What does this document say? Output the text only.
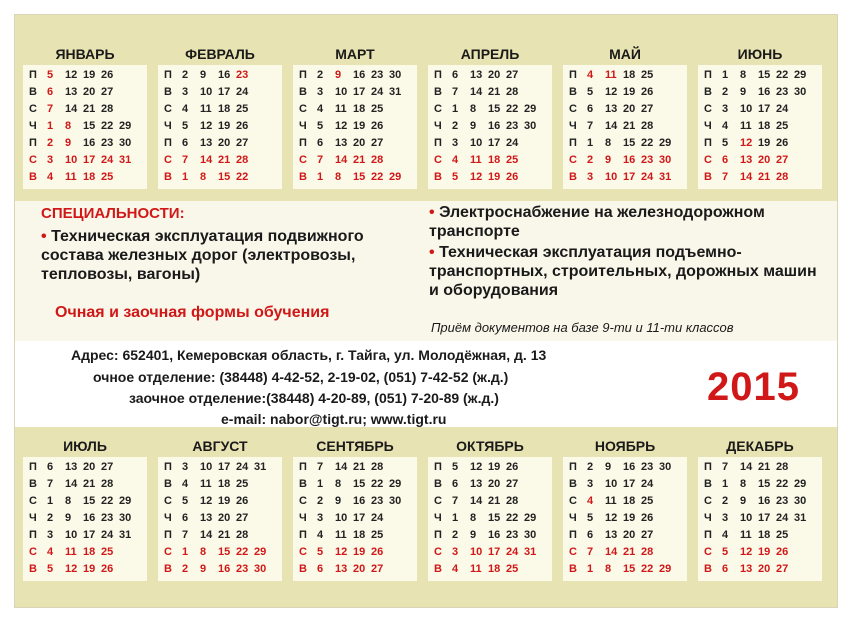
ЯНВАРЬ
П 5	12 19 26
В 6	13 20 27
С 7	14 21 28
Ч 1	8	15 22 29
П 2	9	16 23 30
С 3	10 17 24 31
В 4	11 18 25
ФЕВРАЛЬ
П 2	9	16 23
В 3	10 17 24
С 4	11 18 25
Ч 5	12 19 26
П 6	13 20 27
С 7	14 21 28
В 1	8	15 22
МАРТ
П 2	9	16 23 30
В 3	10 17 24 31
С 4	11 18 25
Ч 5	12 19 26
П 6	13 20 27
С 7	14 21 28
В 1	8	15 22 29
АПРЕЛЬ
П 6	13 20 27
В 7	14 21 28
С 1	8	15 22 29
Ч 2	9	16 23 30
П 3	10 17 24
С 4	11 18 25
В 5	12 19 26
МАЙ
П 4	11 18 25
В 5	12 19 26
С 6	13 20 27
Ч 7	14 21 28
П 1	8	15 22 29
С 2	9	16 23 30
В 3	10 17 24 31
ИЮНЬ
П 1	8	15 22 29
В 2	9	16 23 30
С 3	10 17 24
Ч 4	11 18 25
П 5	12 19 26
С 6	13 20 27
В 7	14 21 28
ИЮЛЬ
П 6	13 20 27
В 7	14 21 28
С 1	8	15 22 29
Ч 2	9	16 23 30
П 3	10 17 24 31
С 4	11 18 25
В 5	12 19 26
АВГУСТ
П 3	10 17 24 31
В 4	11 18 25
С 5	12 19 26
Ч 6	13 20 27
П 7	14 21 28
С 1	8	15 22 29
В 2	9	16 23 30
СЕНТЯБРЬ
П 7	14 21 28
В 1	8	15 22 29
С 2	9	16 23 30
Ч 3	10 17 24
П 4	11 18 25
С 5	12 19 26
В 6	13 20 27
ОКТЯБРЬ
П 5	12 19 26
В 6	13 20 27
С 7	14 21 28
Ч 1	8	15 22 29
П 2	9	16 23 30
С 3	10 17 24 31
В 4	11 18 25
НОЯБРЬ
П 2	9	16 23 30
В 3	10 17 24
С 4	11 18 25
Ч 5	12 19 26
П 6	13 20 27
С 7	14 21 28
В 1	8	15 22 29
ДЕКАБРЬ
П 7	14 21 28
В 1	8	15 22 29
С 2	9	16 23 30
Ч 3	10 17 24 31
П 4	11 18 25
С 5	12 19 26
В 6	13 20 27
СПЕЦИАЛЬНОСТИ:
• Техническая эксплуатация подвижного состава железных дорог (электровозы, тепловозы, вагоны)
Очная и заочная формы обучения
• Электроснабжение на железнодорожном транспорте
• Техническая эксплуатация подъемно-транспортных, строительных, дорожных машин и оборудования
Приём документов на базе 9-ти и 11-ти классов
Адрес: 652401, Кемеровская область, г. Тайга, ул. Молодёжная, д. 13
очное отделение: (38448) 4-42-52, 2-19-02, (051) 7-42-52 (ж.д.)
заочное отделение:(38448) 4-20-89, (051) 7-20-89 (ж.д.)
e-mail: nabor@tigt.ru; www.tigt.ru
2015
